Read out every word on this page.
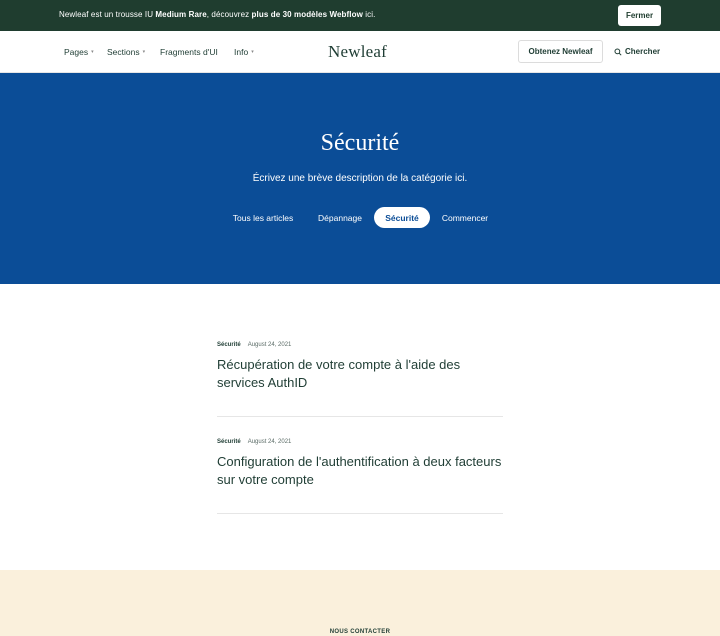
Newleaf est un trousse IU Medium Rare, découvrez plus de 30 modèles Webflow ici.	Fermer
Pages ▾ Sections ▾ Fragments d'UI Info ▾	Newleaf	Obtenez Newleaf	Chercher
Sécurité

Écrivez une brève description de la catégorie ici.

Tous les articles	Dépannage	Sécurité	Commencer
Sécurité August 24, 2021
Récupération de votre compte à l'aide des services AuthID
Sécurité August 24, 2021
Configuration de l'authentification à deux facteurs sur votre compte
NOUS CONTACTER
